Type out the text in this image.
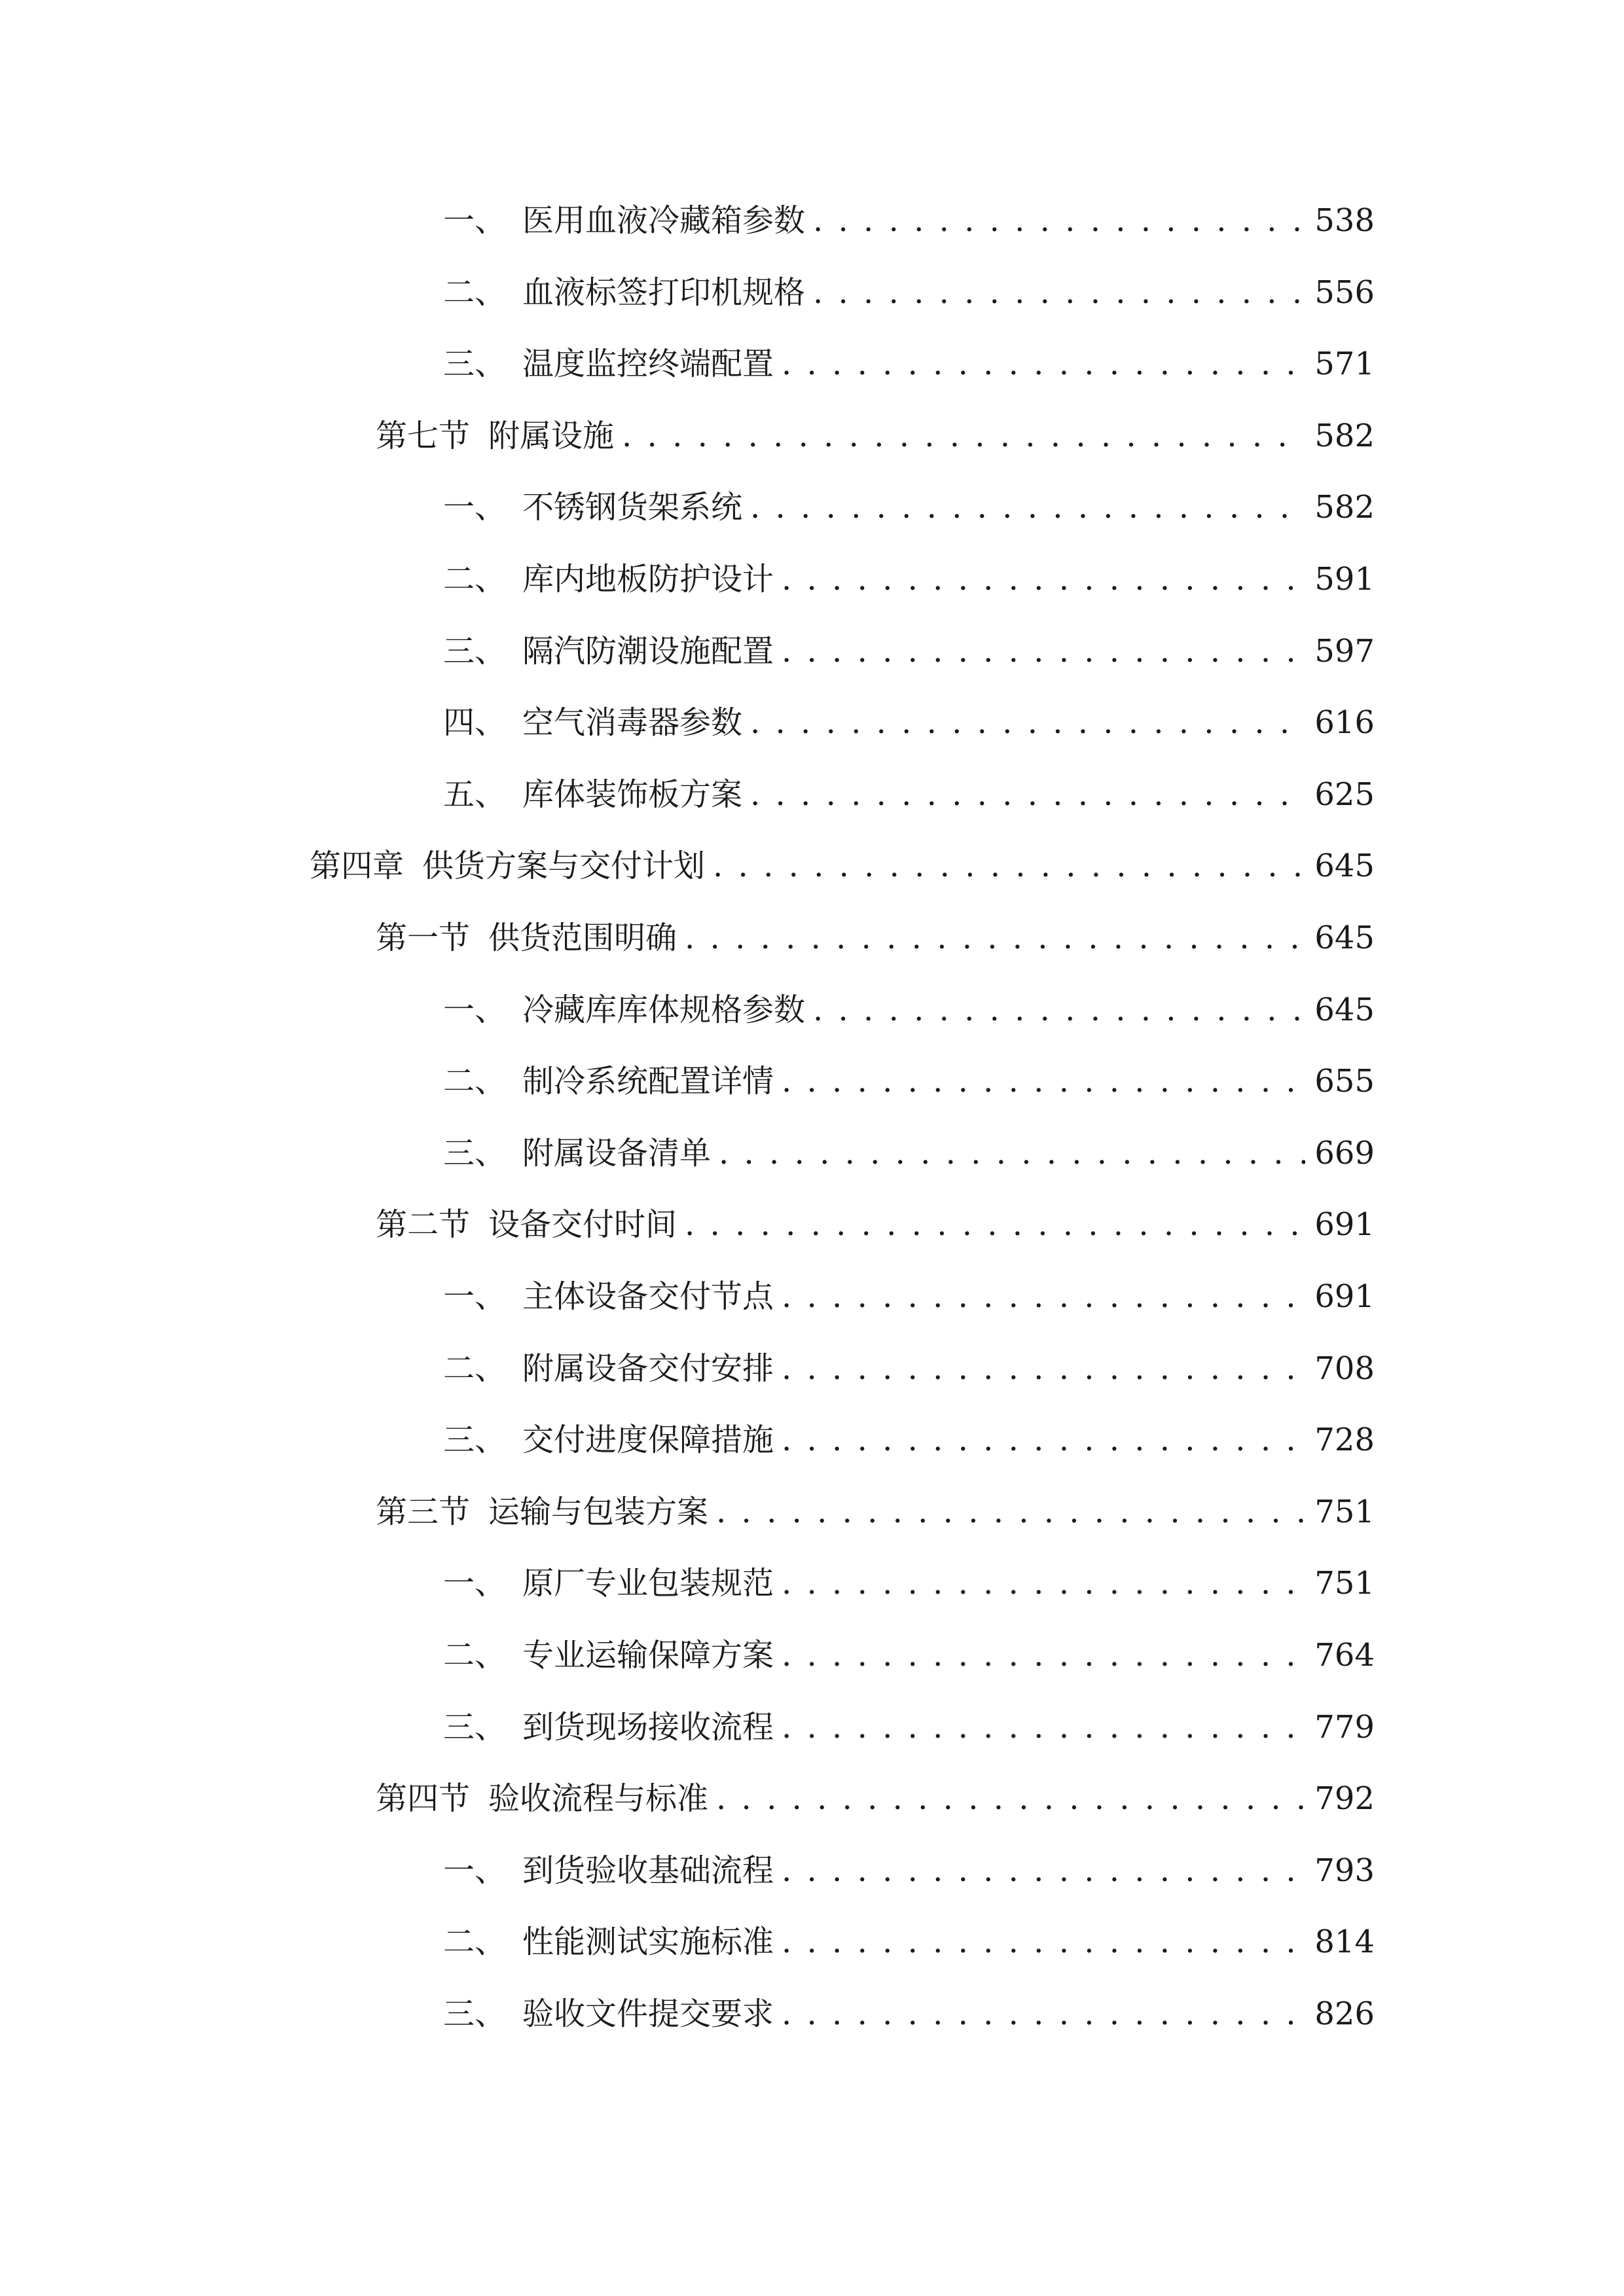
一、 医用血液冷藏箱参数 . . .	538
二、 血液标签打印机规格 . . .	556
三、 温度监控终端配置 . . .	571
第七节 附属设施 . . .	582
一、 不锈钢货架系统 . . .	582
二、 库内地板防护设计 . . .	591
三、 隔汽防潮设施配置 . . .	597
四、 空气消毒器参数 . . .	616
五、 库体装饰板方案 . . .	625
第四章 供货方案与交付计划 . . .	645
第一节 供货范围明确 . . .	645
一、 冷藏库库体规格参数 . . .	645
二、 制冷系统配置详情 . . .	655
三、 附属设备清单 . . .	669
第二节 设备交付时间 . . .	691
一、 主体设备交付节点 . . .	691
二、 附属设备交付安排 . . .	708
三、 交付进度保障措施 . . .	728
第三节 运输与包装方案 . . .	751
一、 原厂专业包装规范 . . .	751
二、 专业运输保障方案 . . .	764
三、 到货现场接收流程 . . .	779
第四节 验收流程与标准 . . .	792
一、 到货验收基础流程 . . .	793
二、 性能测试实施标准 . . .	814
三、 验收文件提交要求 . . .	826
